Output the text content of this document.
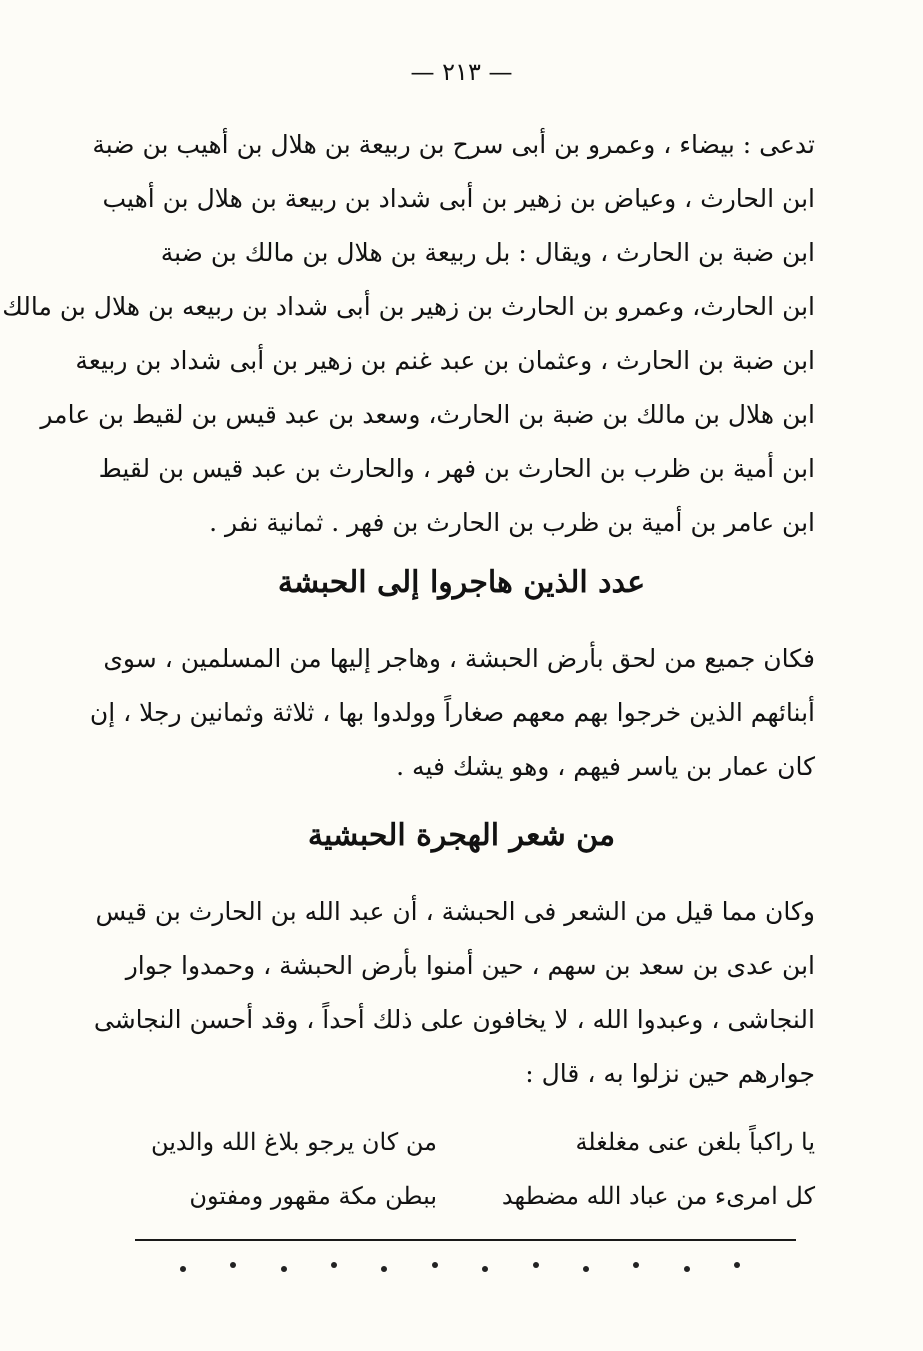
— ٢١٣ —
تدعى : بيضاء ، وعمرو بن أبى سرح بن ربيعة بن هلال بن أهيب بن ضبة
ابن الحارث ، وعياض بن زهير بن أبى شداد بن ربيعة بن هلال بن أهيب
ابن ضبة بن الحارث ، ويقال : بل ربيعة بن هلال بن مالك بن ضبة
ابن الحارث، وعمرو بن الحارث بن زهير بن أبى شداد بن ربيعه بن هلال بن مالك
ابن ضبة بن الحارث ، وعثمان بن عبد غنم بن زهير بن أبى شداد بن ربيعة
ابن هلال بن مالك بن ضبة بن الحارث، وسعد بن عبد قيس بن لقيط بن عامر
ابن أمية بن ظرب بن الحارث بن فهر ، والحارث بن عبد قيس بن لقيط
ابن عامر بن أمية بن ظرب بن الحارث بن فهر . ثمانية نفر .
عدد الذين هاجروا إلى الحبشة
فكان جميع من لحق بأرض الحبشة ، وهاجر إليها من المسلمين ، سوى
أبنائهم الذين خرجوا بهم معهم صغاراً وولدوا بها ، ثلاثة وثمانين رجلا ، إن
كان عمار بن ياسر فيهم ، وهو يشك فيه .
من شعر الهجرة الحبشية
وكان مما قيل من الشعر فى الحبشة ، أن عبد الله بن الحارث بن قيس
ابن عدى بن سعد بن سهم ، حين أمنوا بأرض الحبشة ، وحمدوا جوار
النجاشى ، وعبدوا الله ، لا يخافون على ذلك أحداً ، وقد أحسن النجاشى
جوارهم حين نزلوا به ، قال :
يا راكباً بلغن عنى مغلغلة
من كان يرجو بلاغ الله والدين
كل امرىء من عباد الله مضطهد
ببطن مكة مقهور ومفتون
